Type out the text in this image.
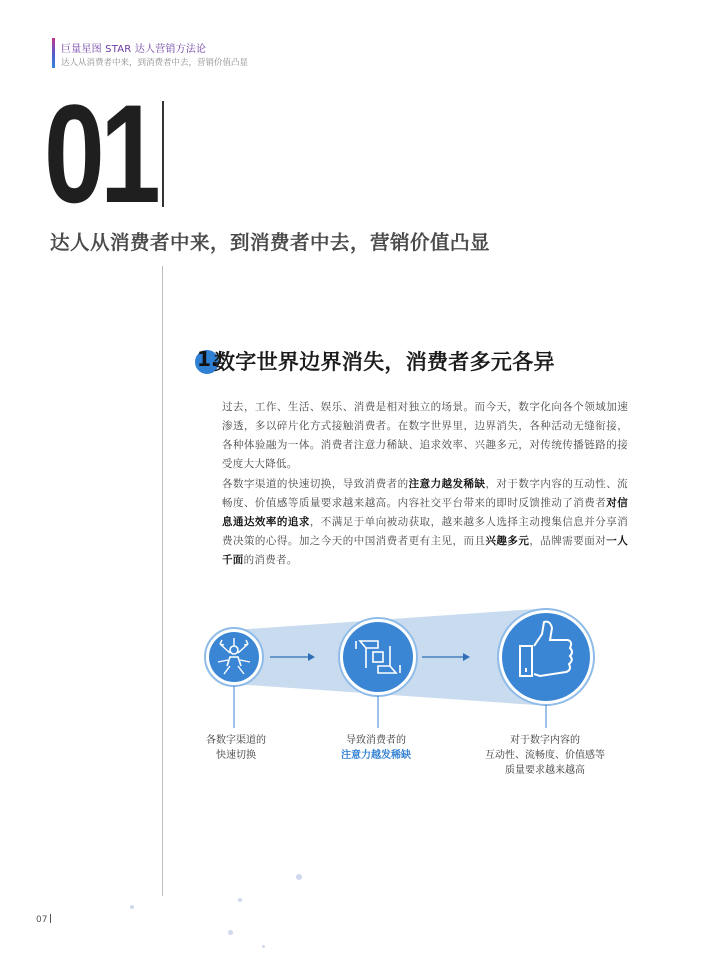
巨量星图 STAR 达人营销方法论
达人从消费者中来，到消费者中去，营销价值凸显
01
达人从消费者中来，到消费者中去，营销价值凸显
1.
数字世界边界消失，消费者多元各异

过去，工作、生活、娱乐、消费是相对独立的场景。而今天，数字化向各个领域加速渗透，多以碎片化方式接触消费者。在数字世界里，边界消失，各种活动无缝衔接，各种体验融为一体。消费者注意力稀缺、追求效率、兴趣多元，对传统传播链路的接受度大大降低。

各数字渠道的快速切换，导致消费者的注意力越发稀缺，对于数字内容的互动性、流畅度、价值感等质量要求越来越高。内容社交平台带来的即时反馈推动了消费者对信息通达效率的追求，不满足于单向被动获取，越来越多人选择主动搜集信息并分享消费决策的心得。加之今天的中国消费者更有主见，而且兴趣多元，品牌需要面对一人千面的消费者。

各数字渠道的
快速切换
导致消费者的
注意力越发稀缺
对于数字内容的
互动性、流畅度、价值感等
质量要求越来越高
07
